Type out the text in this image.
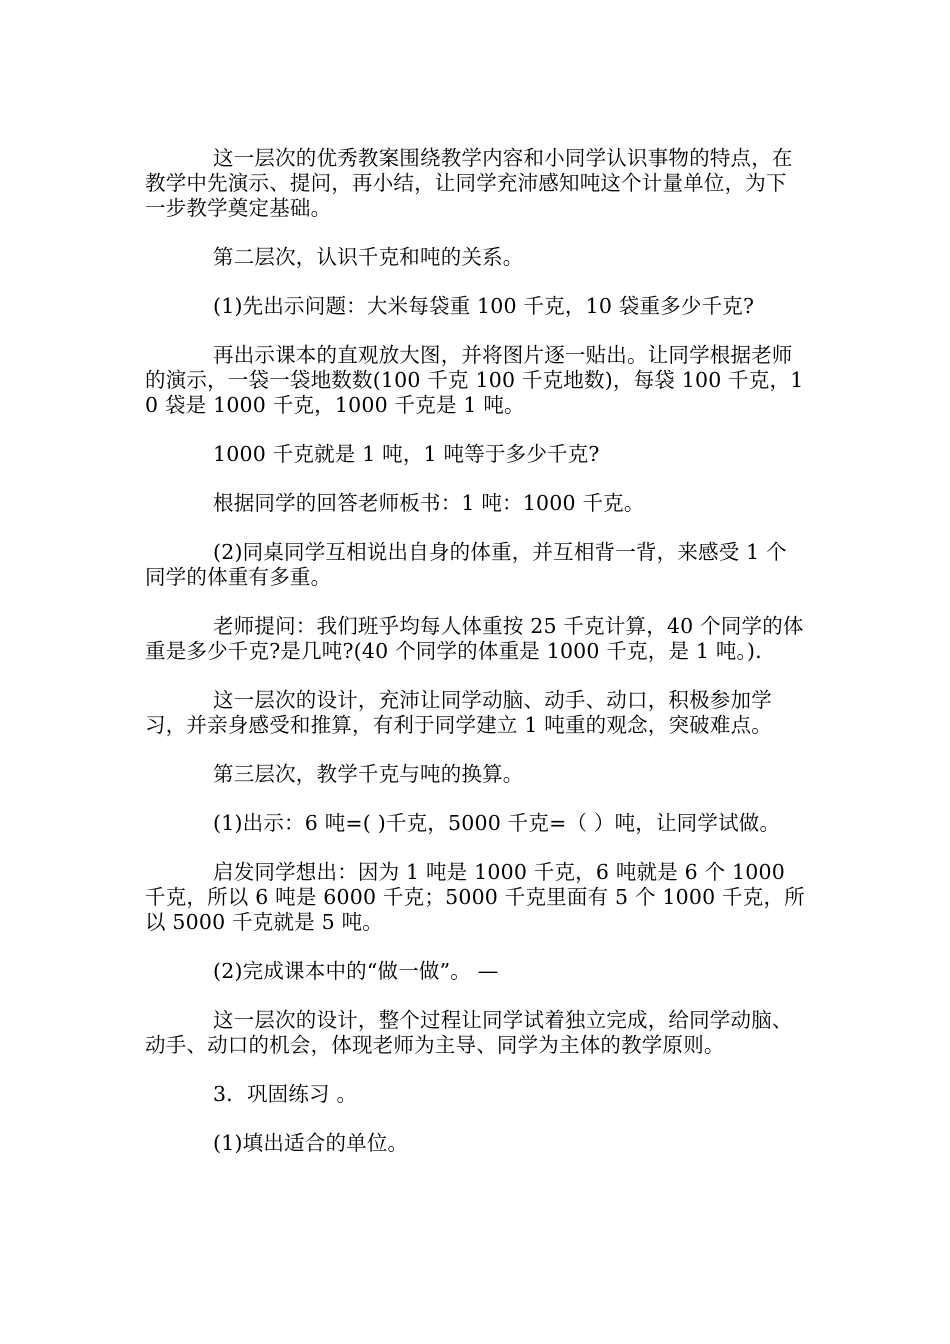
这一层次的优秀教案围绕教学内容和小同学认识事物的特点，在教学中先演示、提问，再小结，让同学充沛感知吨这个计量单位，为下一步教学奠定基础。

第二层次，认识千克和吨的关系。

(1)先出示问题：大米每袋重 100 千克，10 袋重多少千克?

再出示课本的直观放大图，并将图片逐一贴出。让同学根据老师的演示，一袋一袋地数数(100 千克 100 千克地数)，每袋 100 千克，10 袋是 1000 千克，1000 千克是 1 吨。

1000 千克就是 1 吨，1 吨等于多少千克?

根据同学的回答老师板书：1 吨：1000 千克。

(2)同桌同学互相说出自身的体重，并互相背一背，来感受 1 个同学的体重有多重。

老师提问：我们班乎均每人体重按 25 千克计算，40 个同学的体重是多少千克?是几吨?(40 个同学的体重是 1000 千克，是 1 吨。)．

这一层次的设计，充沛让同学动脑、动手、动口，积极参加学习，并亲身感受和推算，有利于同学建立 1 吨重的观念，突破难点。

第三层次，教学千克与吨的换算。

(1)出示：6 吨=( )千克，5000 千克=（ ）吨，让同学试做。

启发同学想出：因为 1 吨是 1000 千克，6 吨就是 6 个 1000 千克，所以 6 吨是 6000 千克；5000 千克里面有 5 个 1000 千克，所以 5000 千克就是 5 吨。

(2)完成课本中的“做一做”。 —

这一层次的设计，整个过程让同学试着独立完成，给同学动脑、动手、动口的机会，体现老师为主导、同学为主体的教学原则。

3．巩固练习 。

(1)填出适合的单位。
